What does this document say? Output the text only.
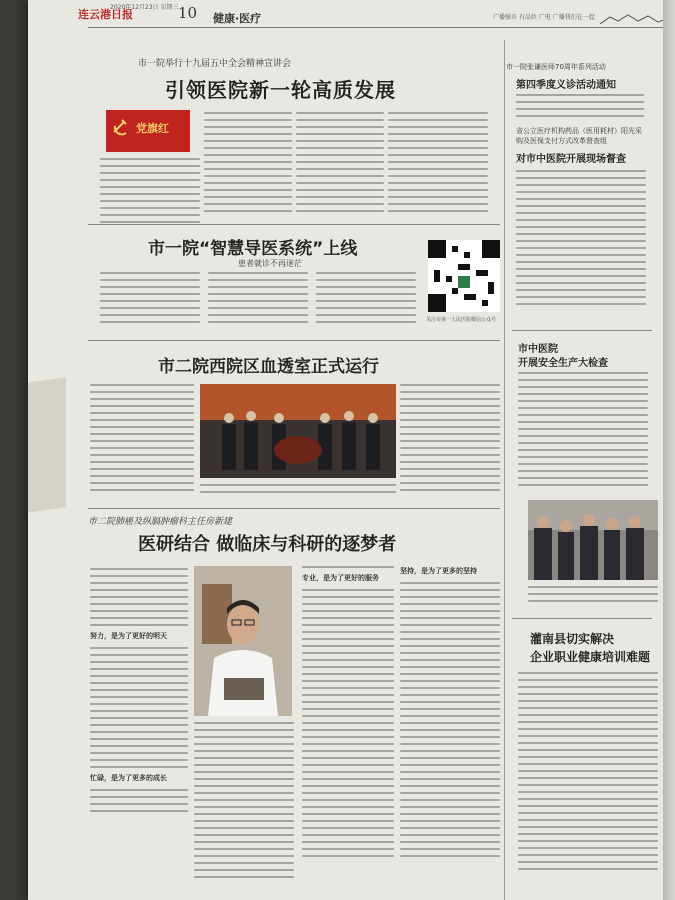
连云港日报
2020年12月23日 星期三 10 健康·医疗	广播强市 有品位 广电 广播我们在一起
市一院举行十九届五中全会精神宣讲会
引领医院新一轮高质发展
党旗红
市一院“智慧导医系统”上线
患者就诊不再迷茫
关注市第一人民医院微信公众号
市二院西院区血透室正式运行
市二院肺癌及纵膈肿瘤科主任房新建
医研结合 做临床与科研的逐梦者
努力，是为了更好的明天
忙碌，是为了更多的成长
专业，是为了更好的服务
坚持，是为了更多的坚持
市一院张谦医师70周年系列活动
第四季度义诊活动通知
省公立医疗机构药品（医用耗材）阳光采购及医保支付方式改革督查组
对市中医院开展现场督查
市中医院
开展安全生产大检查
灌南县切实解决
企业职业健康培训难题
